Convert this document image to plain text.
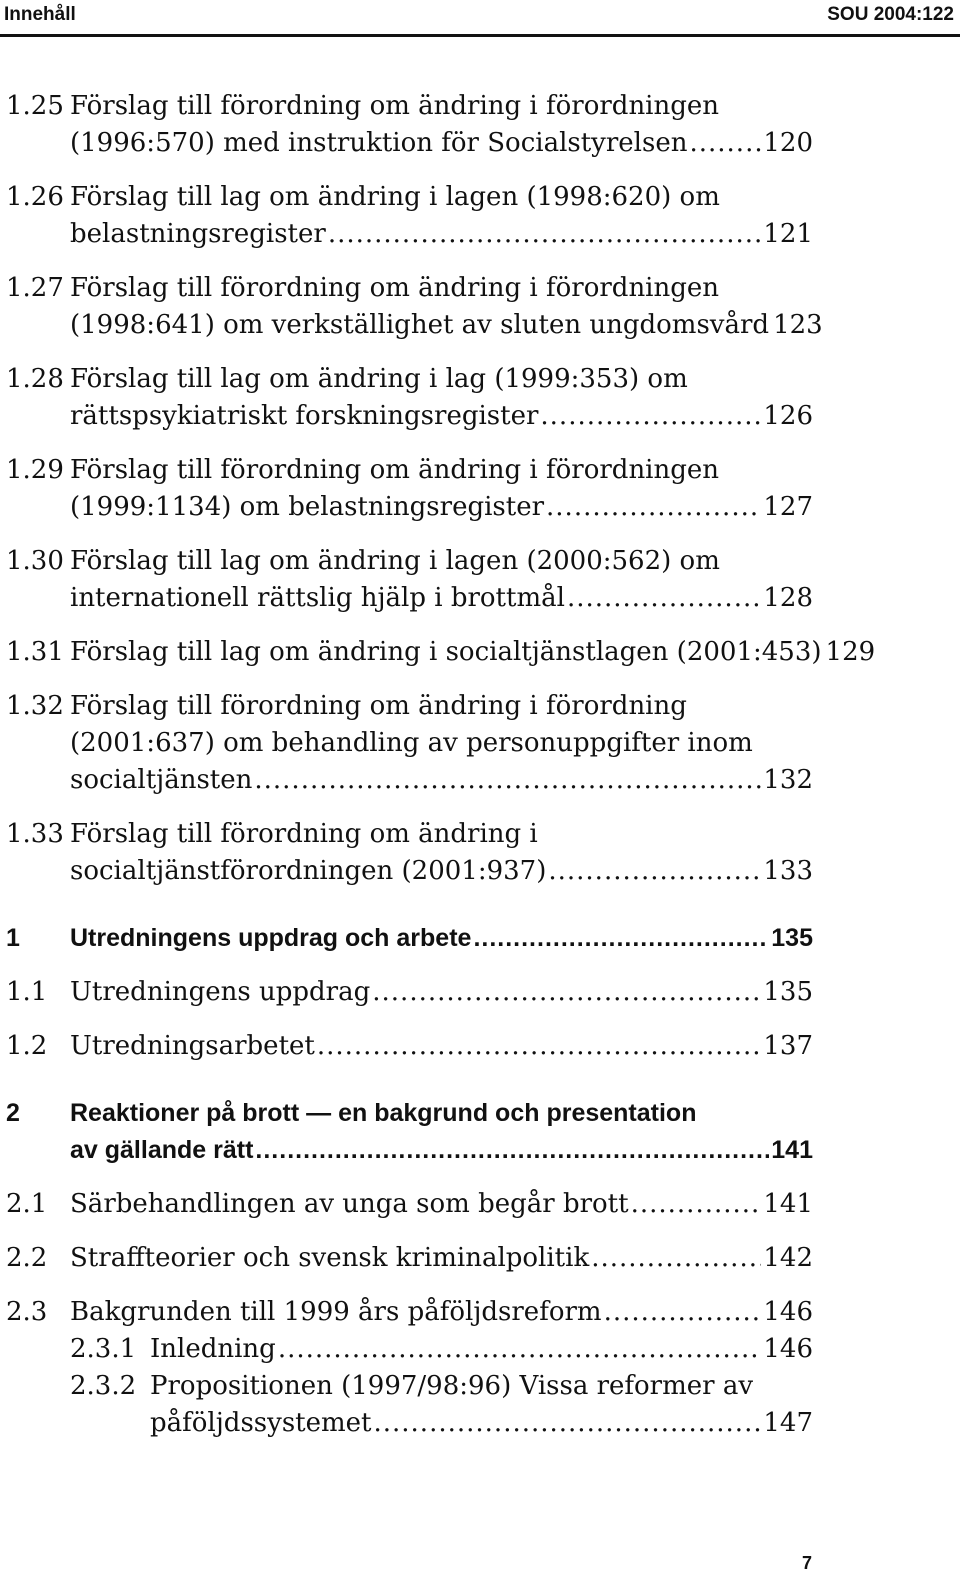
Innehåll	SOU 2004:122
1.25 Förslag till förordning om ändring i förordningen
(1996:570) med instruktion för Socialstyrelsen .....	120
1.26 Förslag till lag om ändring i lagen (1998:620) om
belastningsregister .....	121
1.27 Förslag till förordning om ändring i förordningen
(1998:641) om verkställighet av sluten ungdomsvård 123
1.28 Förslag till lag om ändring i lag (1999:353) om
rättspsykiatriskt forskningsregister .....	126
1.29 Förslag till förordning om ändring i förordningen
(1999:1134) om belastningsregister .....	127
1.30 Förslag till lag om ändring i lagen (2000:562) om
internationell rättslig hjälp i brottmål .....	128
1.31 Förslag till lag om ändring i socialtjänstlagen (2001:453) 129
1.32 Förslag till förordning om ändring i förordning
(2001:637) om behandling av personuppgifter inom
socialtjänsten .....	132
1.33 Förslag till förordning om ändring i
socialtjänstförordningen (2001:937) .....	133
1 Utredningens uppdrag och arbete .....	135
1.1 Utredningens uppdrag .....	135
1.2 Utredningsarbetet .....	137
2 Reaktioner på brott — en bakgrund och presentation
av gällande rätt .....	141
2.1 Särbehandlingen av unga som begår brott .....	141
2.2 Straffteorier och svensk kriminalpolitik .....	142
2.3 Bakgrunden till 1999 års påföljdsreform .....	146
2.3.1 Inledning .....	146
2.3.2 Propositionen (1997/98:96) Vissa reformer av
påföljdssystemet .....	147
7
